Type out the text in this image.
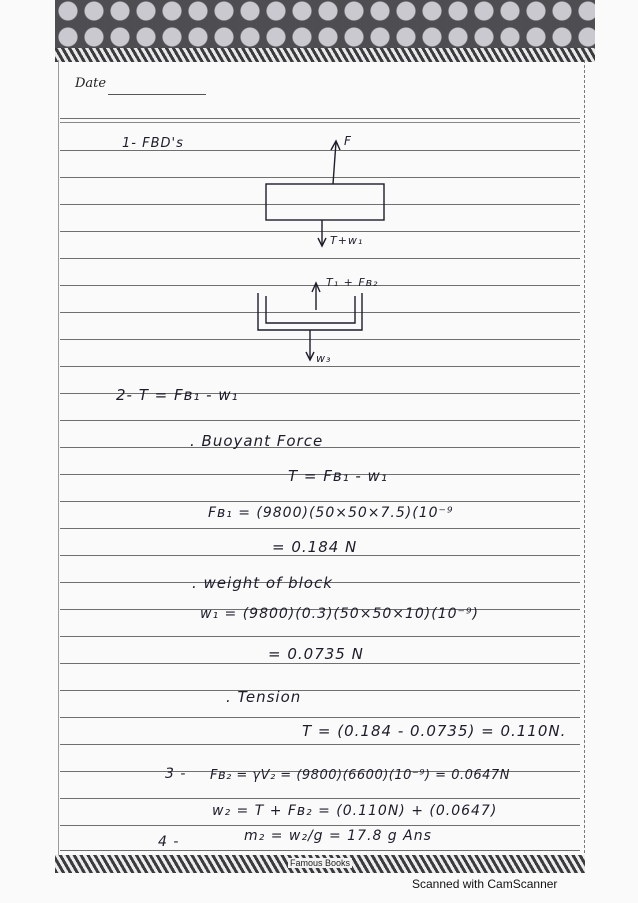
Date
1- FBD's	F
T+w₁
T₁ + Fʙ₂
w₃
2- T = Fʙ₁ - w₁
. Buoyant Force
T = Fʙ₁ - w₁
Fʙ₁ = (9800)(50×50×7.5)(10⁻⁹
= 0.184 N
. weight of block
w₁ = (9800)(0.3)(50×50×10)(10⁻⁹)
= 0.0735 N
. Tension
T = (0.184 - 0.0735) = 0.110N.
3 - Fʙ₂ = γV₂ = (9800)(6600)(10⁻⁹) = 0.0647N
w₂ = T + Fʙ₂ = (0.110N) + (0.0647)
4 -	m₂ = w₂/g = 17.8 g Ans
Famous Books
Scanned with CamScanner
